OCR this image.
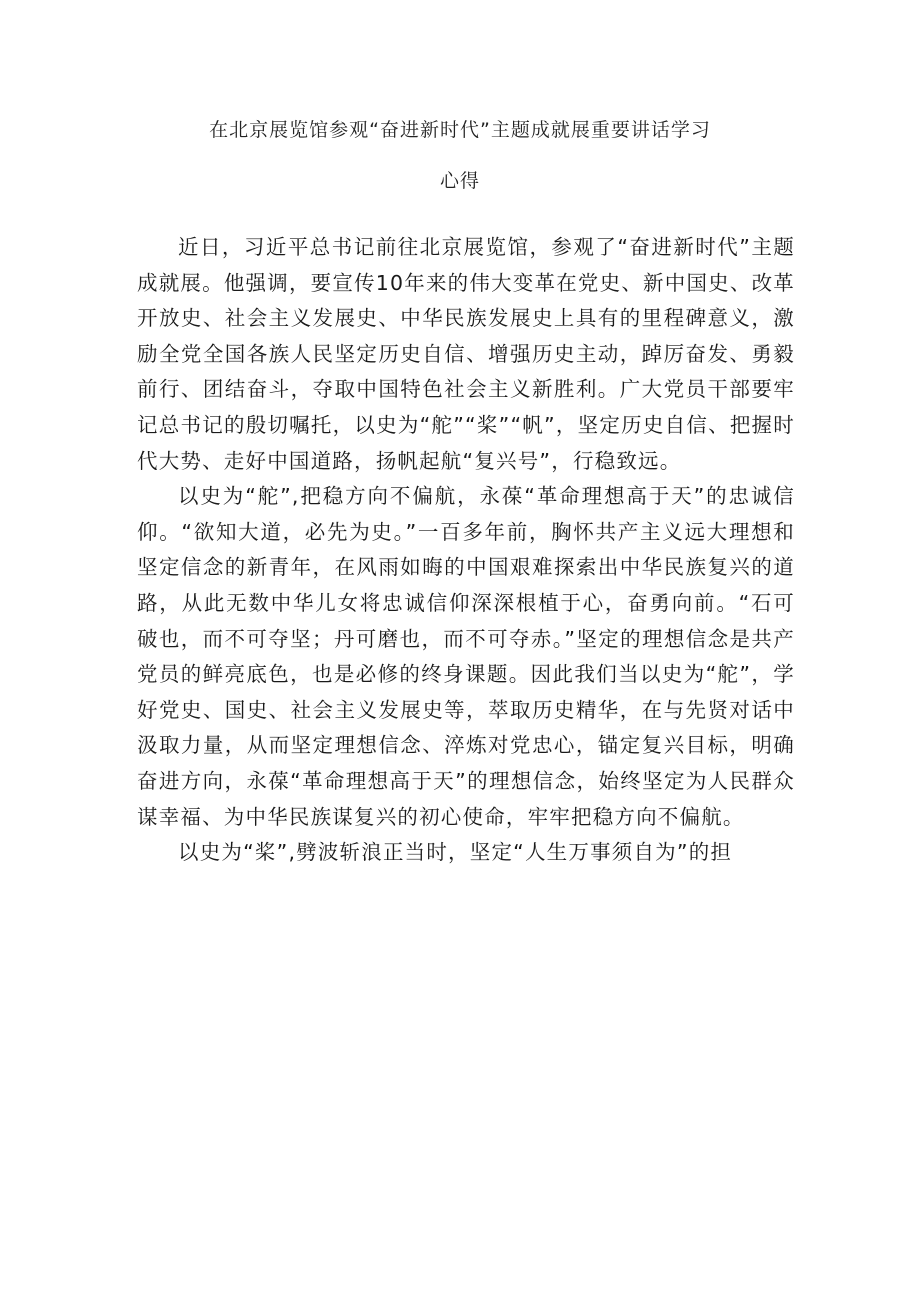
在北京展览馆参观“奋进新时代”主题成就展重要讲话学习
心得

近日，习近平总书记前往北京展览馆，参观了“奋进新时代”主题成就展。他强调，要宣传10年来的伟大变革在党史、新中国史、改革开放史、社会主义发展史、中华民族发展史上具有的里程碑意义，激励全党全国各族人民坚定历史自信、增强历史主动，踔厉奋发、勇毅前行、团结奋斗，夺取中国特色社会主义新胜利。广大党员干部要牢记总书记的殷切嘱托，以史为“舵”“桨”“帆”，坚定历史自信、把握时代大势、走好中国道路，扬帆起航“复兴号”，行稳致远。

以史为“舵”,把稳方向不偏航，永葆“革命理想高于天”的忠诚信仰。“欲知大道，必先为史。”一百多年前，胸怀共产主义远大理想和坚定信念的新青年，在风雨如晦的中国艰难探索出中华民族复兴的道路，从此无数中华儿女将忠诚信仰深深根植于心，奋勇向前。“石可破也，而不可夺坚；丹可磨也，而不可夺赤。”坚定的理想信念是共产党员的鲜亮底色，也是必修的终身课题。因此我们当以史为“舵”，学好党史、国史、社会主义发展史等，萃取历史精华，在与先贤对话中汲取力量，从而坚定理想信念、淬炼对党忠心，锚定复兴目标，明确奋进方向，永葆“革命理想高于天”的理想信念，始终坚定为人民群众谋幸福、为中华民族谋复兴的初心使命，牢牢把稳方向不偏航。

以史为“桨”,劈波斩浪正当时，坚定“人生万事须自为”的担
